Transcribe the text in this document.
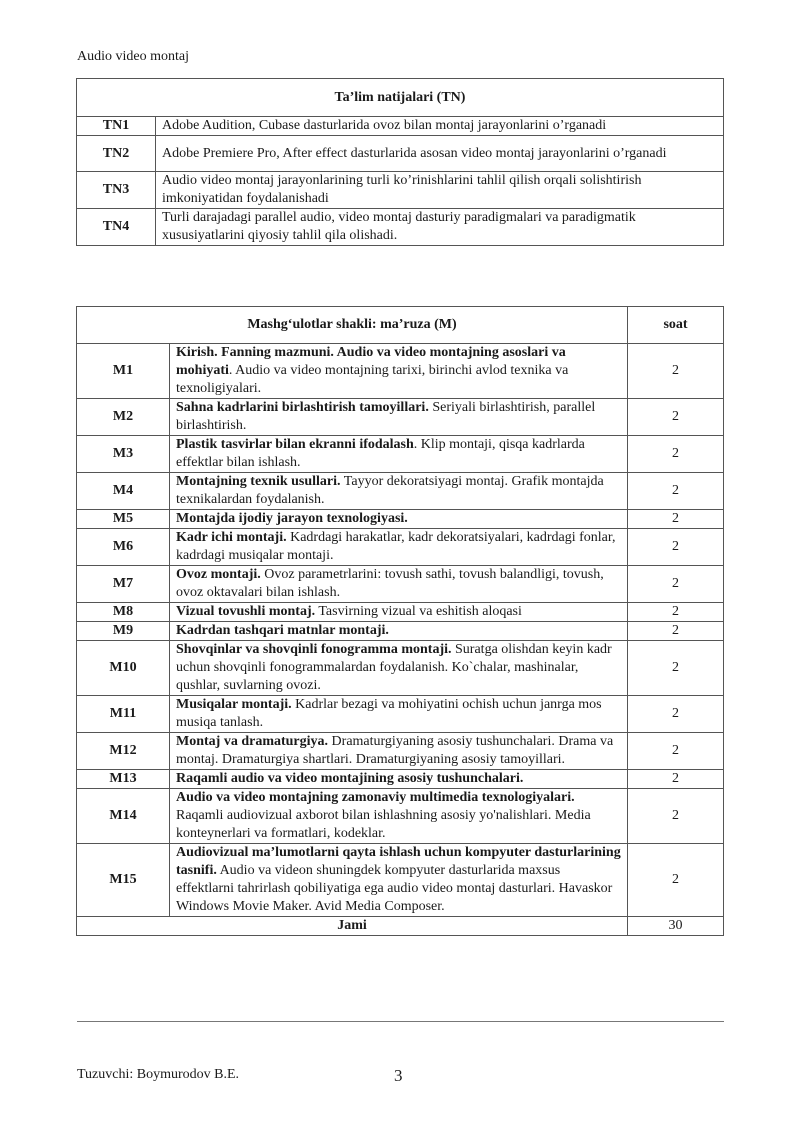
Audio video montaj
Ta’lim natijalari (TN)	
TN1	Adobe Audition, Cubase dasturlarida ovoz bilan montaj jarayonlarini o’rganadi
TN2	Adobe Premiere Pro, After effect dasturlarida asosan video montaj jarayonlarini o’rganadi
TN3	Audio video montaj jarayonlarining turli ko’rinishlarini tahlil qilish orqali solishtirish imkoniyatidan foydalanishadi
TN4	Turli darajadagi parallel audio, video montaj dasturiy paradigmalari va paradigmatik xususiyatlarini qiyosiy tahlil qila olishadi.
Mashg‘ulotlar shakli: ma’ruza (M)		soat
M1	Kirish. Fanning mazmuni. Audio va video montajning asoslari va mohiyati. Audio va video montajning tarixi, birinchi avlod texnika va texnoligiyalari.	2
M2	Sahna kadrlarini birlashtirish tamoyillari. Seriyali birlashtirish, parallel birlashtirish.	2
M3	Plastik tasvirlar bilan ekranni ifodalash. Klip montaji, qisqa kadrlarda effektlar bilan ishlash.	2
M4	Montajning texnik usullari. Tayyor dekoratsiyagi montaj. Grafik montajda texnikalardan foydalanish.	2
M5	Montajda ijodiy jarayon texnologiyasi.	2
M6	Kadr ichi montaji. Kadrdagi harakatlar, kadr dekoratsiyalari, kadrdagi fonlar, kadrdagi musiqalar montaji.	2
M7	Ovoz montaji. Ovoz parametrlarini: tovush sathi, tovush balandligi, tovush, ovoz oktavalari bilan ishlash.	2
M8	Vizual tovushli montaj. Tasvirning vizual va eshitish aloqasi	2
M9	Kadrdan tashqari matnlar montaji.	2
M10	Shovqinlar va shovqinli fonogramma montaji. Suratga olishdan keyin kadr uchun shovqinli fonogrammalardan foydalanish. Ko`chalar, mashinalar, qushlar, suvlarning ovozi.	2
M11	Musiqalar montaji. Kadrlar bezagi va mohiyatini ochish uchun janrga mos musiqa tanlash.	2
M12	Montaj va dramaturgiya. Dramaturgiyaning asosiy tushunchalari. Drama va montaj. Dramaturgiya shartlari. Dramaturgiyaning asosiy tamoyillari.	2
M13	Raqamli audio va video montajining asosiy tushunchalari.	2
M14	Audio va video montajning zamonaviy multimedia texnologiyalari. Raqamli audiovizual axborot bilan ishlashning asosiy yo'nalishlari. Media konteynerlari va formatlari, kodeklar.	2
M15	Audiovizual ma’lumotlarni qayta ishlash uchun kompyuter dasturlarining tasnifi. Audio va videon shuningdek kompyuter dasturlarida maxsus effektlarni tahrirlash qobiliyatiga ega audio video montaj dasturlari. Havaskor Windows Movie Maker. Avid Media Composer.	2
Jami		30
Tuzuvchi: Boymurodov B.E.	3
